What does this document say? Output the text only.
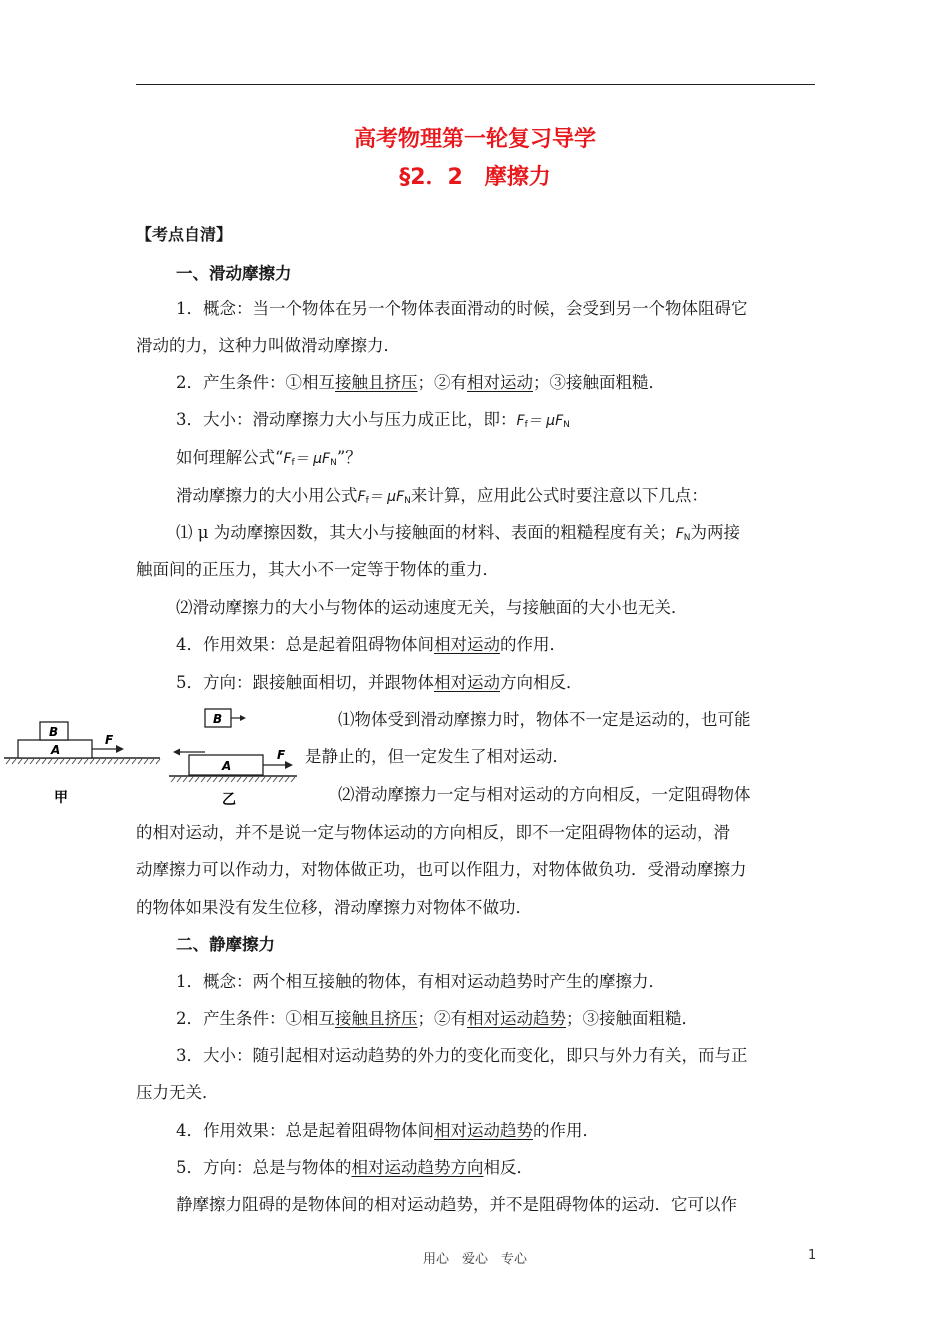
高考物理第一轮复习导学
§2．2　摩擦力
【考点自清】
一、滑动摩擦力
1．概念：当一个物体在另一个物体表面滑动的时候，会受到另一个物体阻碍它
滑动的力，这种力叫做滑动摩擦力．
2．产生条件：①相互接触且挤压；②有相对运动；③接触面粗糙．
3．大小：滑动摩擦力大小与压力成正比，即：$F_f= \mu F_N$
如何理解公式“$F_f= \mu F_N$”？
滑动摩擦力的大小用公式$F_f= \mu F_N$来计算，应用此公式时要注意以下几点：
⑴ μ 为动摩擦因数，其大小与接触面的材料、表面的粗糙程度有关；$F_N$为两接
触面间的正压力，其大小不一定等于物体的重力．
⑵滑动摩擦力的大小与物体的运动速度无关，与接触面的大小也无关．
4．作用效果：总是起着阻碍物体间相对运动的作用．
5．方向：跟接触面相切，并跟物体相对运动方向相反．
A
B
F
甲
B
A
F
乙
⑴物体受到滑动摩擦力时，物体不一定是运动的，也可能
是静止的，但一定发生了相对运动．
⑵滑动摩擦力一定与相对运动的方向相反，一定阻碍物体
的相对运动，并不是说一定与物体运动的方向相反，即不一定阻碍物体的运动，滑
动摩擦力可以作动力，对物体做正功，也可以作阻力，对物体做负功．受滑动摩擦力
的物体如果没有发生位移，滑动摩擦力对物体不做功．
二、静摩擦力
1．概念：两个相互接触的物体，有相对运动趋势时产生的摩擦力．
2．产生条件：①相互接触且挤压；②有相对运动趋势；③接触面粗糙．
3．大小：随引起相对运动趋势的外力的变化而变化，即只与外力有关，而与正
压力无关．
4．作用效果：总是起着阻碍物体间相对运动趋势的作用．
5．方向：总是与物体的相对运动趋势方向相反．
静摩擦力阻碍的是物体间的相对运动趋势，并不是阻碍物体的运动．它可以作
用心　爱心　专心	1
